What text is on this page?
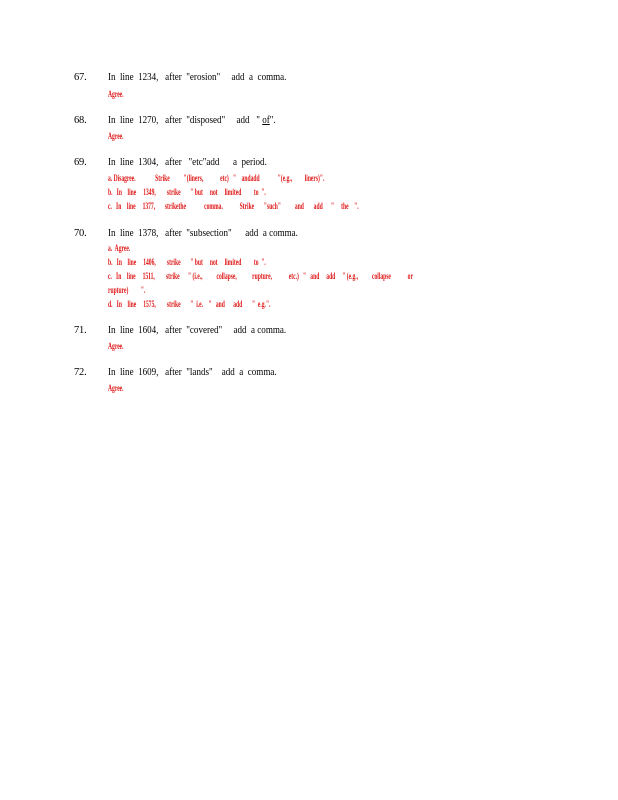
67. In  line  1234,   after  "erosion"     add  a  comma.
Agree.
68. In  line  1270,   after  "disposed"     add   " of".
Agree.
69. In  line  1304,   after   "etc"add      a  period.
a. Disagree.              Strike          "(liners,            etc)   "    andadd             "(e.g.,         liners)".
b.   In    line     1349,        strike       " but     not     limited         to  ".
c.   In    line     1377,       strikethe             comma.            Strike       "such"          and       add      "     the    ".
70. In  line  1378,   after  "subsection"      add  a comma.
a.  Agree.
b.   In    line     1406,        strike       " but     not     limited         to  ".
c.   In    line     1511,        strike      " (i.e.,          collapse,           rupture,            etc.)   "   and     add     " (e.g.,          collapse            or
rupture)         ".
d.   In    line     1575,        strike       "  i.e.    "   and      add       "  e.g.".
71. In  line  1604,   after  "covered"     add  a comma.
Agree.
72. In  line  1609,   after  "lands"    add  a  comma.
Agree.
